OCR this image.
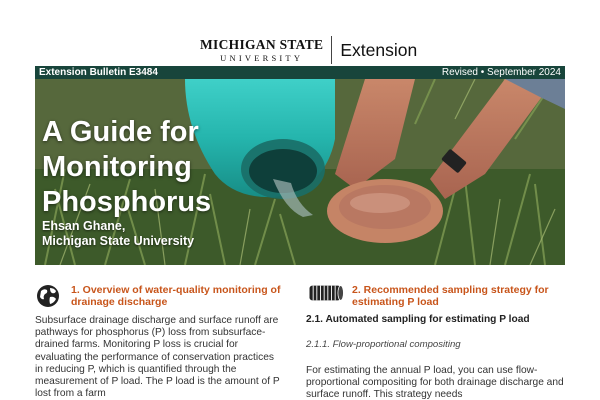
MICHIGAN STATE
UNIVERSITY Extension
Extension Bulletin E3484	Revised • September 2024
A Guide for Monitoring Phosphorus
Ehsan Ghane,
Michigan State University
1. Overview of water-quality monitoring of drainage discharge
Subsurface drainage discharge and surface runoff are pathways for phosphorus (P) loss from subsurface-drained farms. Monitoring P loss is crucial for evaluating the performance of conservation practices in reducing P, which is quantified through the measurement of P load. The P load is the amount of P lost from a farm
2. Recommended sampling strategy for estimating P load
2.1. Automated sampling for estimating P load
2.1.1. Flow-proportional compositing
For estimating the annual P load, you can use flow-proportional compositing for both drainage discharge and surface runoff. This strategy needs
